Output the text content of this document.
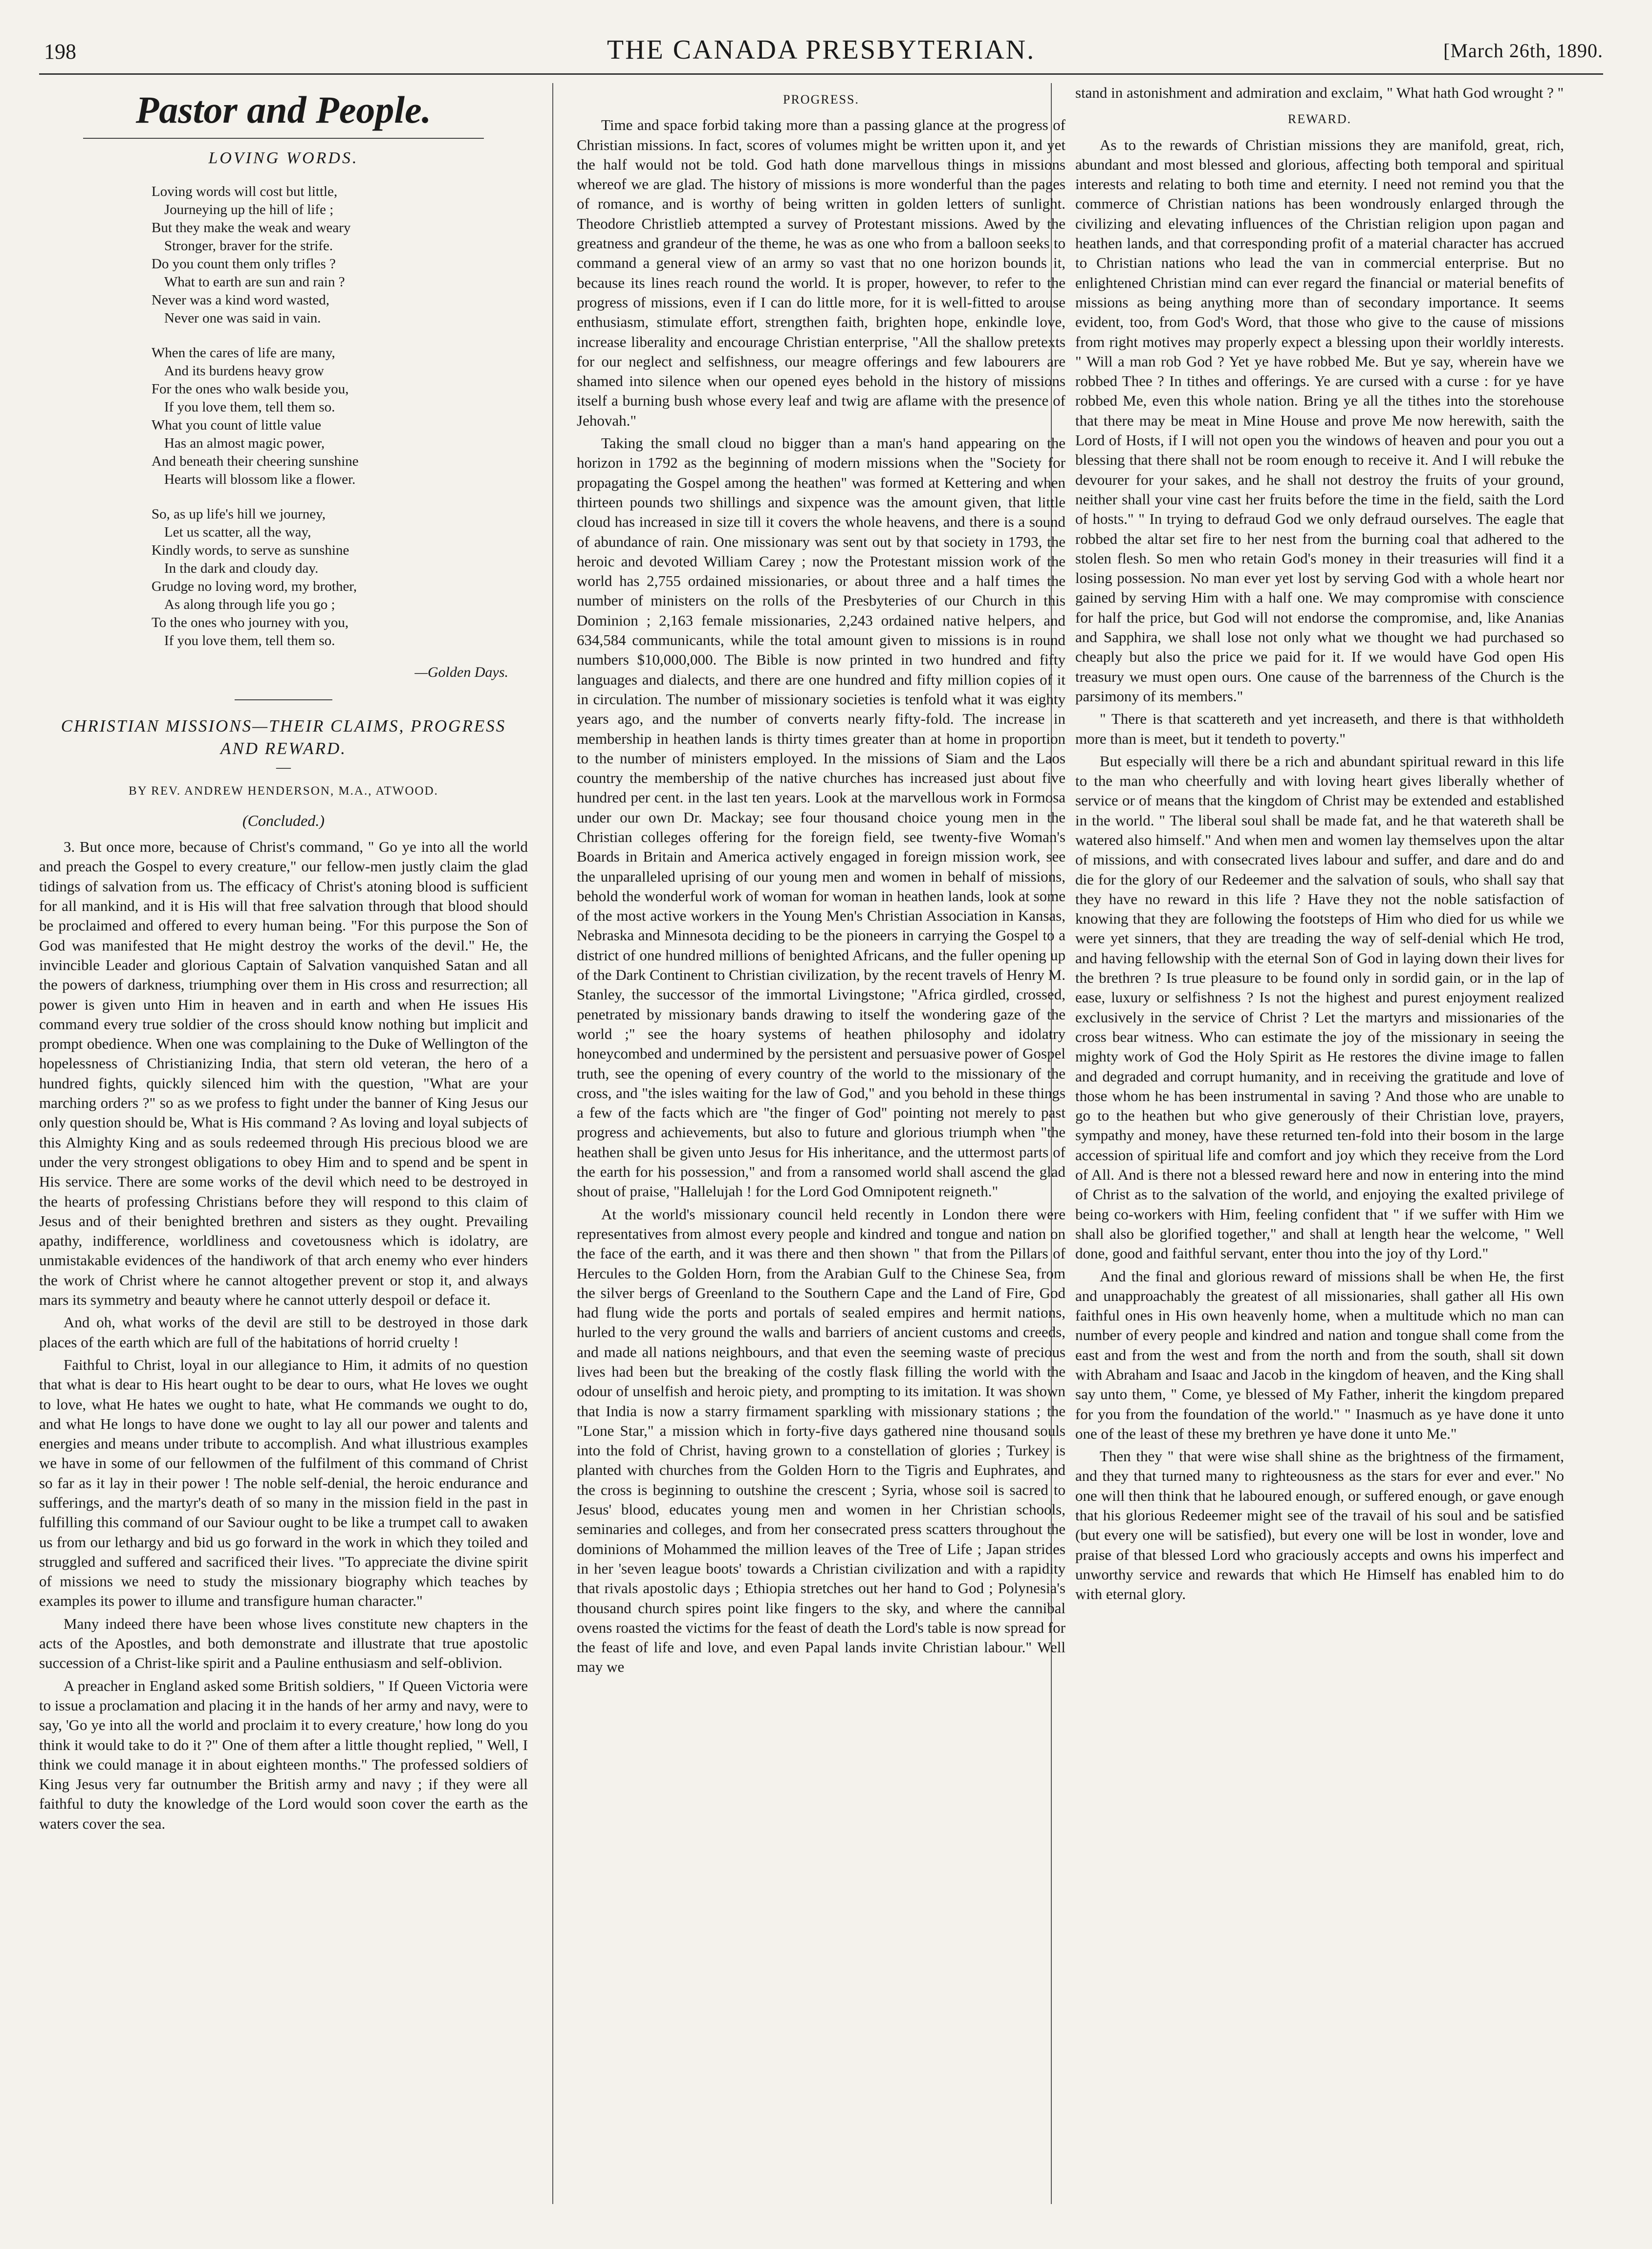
198	THE CANADA PRESBYTERIAN.	[March 26th, 1890.
Pastor and People.
LOVING WORDS.
Loving words will cost but little,
Journeying up the hill of life ;
But they make the weak and weary
Stronger, braver for the strife.
Do you count them only trifles ?
What to earth are sun and rain ?
Never was a kind word wasted,
Never one was said in vain.
When the cares of life are many,
And its burdens heavy grow
For the ones who walk beside you,
If you love them, tell them so.
What you count of little value
Has an almost magic power,
And beneath their cheering sunshine
Hearts will blossom like a flower.
So, as up life's hill we journey,
Let us scatter, all the way,
Kindly words, to serve as sunshine
In the dark and cloudy day.
Grudge no loving word, my brother,
As along through life you go ;
To the ones who journey with you,
If you love them, tell them so.
—Golden Days.
CHRISTIAN MISSIONS—THEIR CLAIMS, PROGRESS AND REWARD.
—
BY REV. ANDREW HENDERSON, M.A., ATWOOD.
(Concluded.)

3. But once more, because of Christ's command, " Go ye into all the world and preach the Gospel to every creature," our fellow-men justly claim the glad tidings of salvation from us. The efficacy of Christ's atoning blood is sufficient for all mankind, and it is His will that free salvation through that blood should be proclaimed and offered to every human being. "For this purpose the Son of God was manifested that He might destroy the works of the devil." He, the invincible Leader and glorious Captain of Salvation vanquished Satan and all the powers of darkness, triumphing over them in His cross and resurrection; all power is given unto Him in heaven and in earth and when He issues His command every true soldier of the cross should know nothing but implicit and prompt obedience. When one was complaining to the Duke of Wellington of the hopelessness of Christianizing India, that stern old veteran, the hero of a hundred fights, quickly silenced him with the question, "What are your marching orders ?" so as we profess to fight under the banner of King Jesus our only question should be, What is His command ? As loving and loyal subjects of this Almighty King and as souls redeemed through His precious blood we are under the very strongest obligations to obey Him and to spend and be spent in His service. There are some works of the devil which need to be destroyed in the hearts of professing Christians before they will respond to this claim of Jesus and of their benighted brethren and sisters as they ought. Prevailing apathy, indifference, worldliness and covetousness which is idolatry, are unmistakable evidences of the handiwork of that arch enemy who ever hinders the work of Christ where he cannot altogether prevent or stop it, and always mars its symmetry and beauty where he cannot utterly despoil or deface it.

And oh, what works of the devil are still to be destroyed in those dark places of the earth which are full of the habitations of horrid cruelty !

Faithful to Christ, loyal in our allegiance to Him, it admits of no question that what is dear to His heart ought to be dear to ours, what He loves we ought to love, what He hates we ought to hate, what He commands we ought to do, and what He longs to have done we ought to lay all our power and talents and energies and means under tribute to accomplish. And what illustrious examples we have in some of our fellowmen of the fulfilment of this command of Christ so far as it lay in their power ! The noble self-denial, the heroic endurance and sufferings, and the martyr's death of so many in the mission field in the past in fulfilling this command of our Saviour ought to be like a trumpet call to awaken us from our lethargy and bid us go forward in the work in which they toiled and struggled and suffered and sacrificed their lives. "To appreciate the divine spirit of missions we need to study the missionary biography which teaches by examples its power to illume and transfigure human character."

Many indeed there have been whose lives constitute new chapters in the acts of the Apostles, and both demonstrate and illustrate that true apostolic succession of a Christ-like spirit and a Pauline enthusiasm and self-oblivion.

A preacher in England asked some British soldiers, " If Queen Victoria were to issue a proclamation and placing it in the hands of her army and navy, were to say, 'Go ye into all the world and proclaim it to every creature,' how long do you think it would take to do it ?" One of them after a little thought replied, " Well, I think we could manage it in about eighteen months." The professed soldiers of King Jesus very far outnumber the British army and navy ; if they were all faithful to duty the knowledge of the Lord would soon cover the earth as the waters cover the sea.

PROGRESS.

Time and space forbid taking more than a passing glance at the progress of Christian missions. In fact, scores of volumes might be written upon it, and yet the half would not be told. God hath done marvellous things in missions whereof we are glad. The history of missions is more wonderful than the pages of romance, and is worthy of being written in golden letters of sunlight. Theodore Christlieb attempted a survey of Protestant missions. Awed by the greatness and grandeur of the theme, he was as one who from a balloon seeks to command a general view of an army so vast that no one horizon bounds it, because its lines reach round the world. It is proper, however, to refer to the progress of missions, even if I can do little more, for it is well-fitted to arouse enthusiasm, stimulate effort, strengthen faith, brighten hope, enkindle love, increase liberality and encourage Christian enterprise, "All the shallow pretexts for our neglect and selfishness, our meagre offerings and few labourers are shamed into silence when our opened eyes behold in the history of missions itself a burning bush whose every leaf and twig are aflame with the presence of Jehovah."

Taking the small cloud no bigger than a man's hand appearing on the horizon in 1792 as the beginning of modern missions when the "Society for propagating the Gospel among the heathen" was formed at Kettering and when thirteen pounds two shillings and sixpence was the amount given, that little cloud has increased in size till it covers the whole heavens, and there is a sound of abundance of rain. One missionary was sent out by that society in 1793, the heroic and devoted William Carey ; now the Protestant mission work of the world has 2,755 ordained missionaries, or about three and a half times the number of ministers on the rolls of the Presbyteries of our Church in this Dominion ; 2,163 female missionaries, 2,243 ordained native helpers, and 634,584 communicants, while the total amount given to missions is in round numbers $10,000,000. The Bible is now printed in two hundred and fifty languages and dialects, and there are one hundred and fifty million copies of it in circulation. The number of missionary societies is tenfold what it was eighty years ago, and the number of converts nearly fifty-fold. The increase in membership in heathen lands is thirty times greater than at home in proportion to the number of ministers employed. In the missions of Siam and the Laos country the membership of the native churches has increased just about five hundred per cent. in the last ten years. Look at the marvellous work in Formosa under our own Dr. Mackay; see four thousand choice young men in the Christian colleges offering for the foreign field, see twenty-five Woman's Boards in Britain and America actively engaged in foreign mission work, see the unparalleled uprising of our young men and women in behalf of missions, behold the wonderful work of woman for woman in heathen lands, look at some of the most active workers in the Young Men's Christian Association in Kansas, Nebraska and Minnesota deciding to be the pioneers in carrying the Gospel to a district of one hundred millions of benighted Africans, and the fuller opening up of the Dark Continent to Christian civilization, by the recent travels of Henry M. Stanley, the successor of the immortal Livingstone; "Africa girdled, crossed, penetrated by missionary bands drawing to itself the wondering gaze of the world ;" see the hoary systems of heathen philosophy and idolatry honeycombed and undermined by the persistent and persuasive power of Gospel truth, see the opening of every country of the world to the missionary of the cross, and "the isles waiting for the law of God," and you behold in these things a few of the facts which are "the finger of God" pointing not merely to past progress and achievements, but also to future and glorious triumph when "the heathen shall be given unto Jesus for His inheritance, and the uttermost parts of the earth for his possession," and from a ransomed world shall ascend the glad shout of praise, "Hallelujah ! for the Lord God Omnipotent reigneth."

At the world's missionary council held recently in London there were representatives from almost every people and kindred and tongue and nation on the face of the earth, and it was there and then shown " that from the Pillars of Hercules to the Golden Horn, from the Arabian Gulf to the Chinese Sea, from the silver bergs of Greenland to the Southern Cape and the Land of Fire, God had flung wide the ports and portals of sealed empires and hermit nations, hurled to the very ground the walls and barriers of ancient customs and creeds, and made all nations neighbours, and that even the seeming waste of precious lives had been but the breaking of the costly flask filling the world with the odour of unselfish and heroic piety, and prompting to its imitation. It was shown that India is now a starry firmament sparkling with missionary stations ; the "Lone Star," a mission which in forty-five days gathered nine thousand souls into the fold of Christ, having grown to a constellation of glories ; Turkey is planted with churches from the Golden Horn to the Tigris and Euphrates, and the cross is beginning to outshine the crescent ; Syria, whose soil is sacred to Jesus' blood, educates young men and women in her Christian schools, seminaries and colleges, and from her consecrated press scatters throughout the dominions of Mohammed the million leaves of the Tree of Life ; Japan strides in her 'seven league boots' towards a Christian civilization and with a rapidity that rivals apostolic days ; Ethiopia stretches out her hand to God ; Polynesia's thousand church spires point like fingers to the sky, and where the cannibal ovens roasted the victims for the feast of death the Lord's table is now spread for the feast of life and love, and even Papal lands invite Christian labour." Well may we

stand in astonishment and admiration and exclaim, " What hath God wrought ? "

REWARD.

As to the rewards of Christian missions they are manifold, great, rich, abundant and most blessed and glorious, affecting both temporal and spiritual interests and relating to both time and eternity. I need not remind you that the commerce of Christian nations has been wondrously enlarged through the civilizing and elevating influences of the Christian religion upon pagan and heathen lands, and that corresponding profit of a material character has accrued to Christian nations who lead the van in commercial enterprise. But no enlightened Christian mind can ever regard the financial or material benefits of missions as being anything more than of secondary importance. It seems evident, too, from God's Word, that those who give to the cause of missions from right motives may properly expect a blessing upon their worldly interests. " Will a man rob God ? Yet ye have robbed Me. But ye say, wherein have we robbed Thee ? In tithes and offerings. Ye are cursed with a curse : for ye have robbed Me, even this whole nation. Bring ye all the tithes into the storehouse that there may be meat in Mine House and prove Me now herewith, saith the Lord of Hosts, if I will not open you the windows of heaven and pour you out a blessing that there shall not be room enough to receive it. And I will rebuke the devourer for your sakes, and he shall not destroy the fruits of your ground, neither shall your vine cast her fruits before the time in the field, saith the Lord of hosts." " In trying to defraud God we only defraud ourselves. The eagle that robbed the altar set fire to her nest from the burning coal that adhered to the stolen flesh. So men who retain God's money in their treasuries will find it a losing possession. No man ever yet lost by serving God with a whole heart nor gained by serving Him with a half one. We may compromise with conscience for half the price, but God will not endorse the compromise, and, like Ananias and Sapphira, we shall lose not only what we thought we had purchased so cheaply but also the price we paid for it. If we would have God open His treasury we must open ours. One cause of the barrenness of the Church is the parsimony of its members."

" There is that scattereth and yet increaseth, and there is that withholdeth more than is meet, but it tendeth to poverty."

But especially will there be a rich and abundant spiritual reward in this life to the man who cheerfully and with loving heart gives liberally whether of service or of means that the kingdom of Christ may be extended and established in the world. " The liberal soul shall be made fat, and he that watereth shall be watered also himself." And when men and women lay themselves upon the altar of missions, and with consecrated lives labour and suffer, and dare and do and die for the glory of our Redeemer and the salvation of souls, who shall say that they have no reward in this life ? Have they not the noble satisfaction of knowing that they are following the footsteps of Him who died for us while we were yet sinners, that they are treading the way of self-denial which He trod, and having fellowship with the eternal Son of God in laying down their lives for the brethren ? Is true pleasure to be found only in sordid gain, or in the lap of ease, luxury or selfishness ? Is not the highest and purest enjoyment realized exclusively in the service of Christ ? Let the martyrs and missionaries of the cross bear witness. Who can estimate the joy of the missionary in seeing the mighty work of God the Holy Spirit as He restores the divine image to fallen and degraded and corrupt humanity, and in receiving the gratitude and love of those whom he has been instrumental in saving ? And those who are unable to go to the heathen but who give generously of their Christian love, prayers, sympathy and money, have these returned ten-fold into their bosom in the large accession of spiritual life and comfort and joy which they receive from the Lord of All. And is there not a blessed reward here and now in entering into the mind of Christ as to the salvation of the world, and enjoying the exalted privilege of being co-workers with Him, feeling confident that " if we suffer with Him we shall also be glorified together," and shall at length hear the welcome, " Well done, good and faithful servant, enter thou into the joy of thy Lord."

And the final and glorious reward of missions shall be when He, the first and unapproachably the greatest of all missionaries, shall gather all His own faithful ones in His own heavenly home, when a multitude which no man can number of every people and kindred and nation and tongue shall come from the east and from the west and from the north and from the south, shall sit down with Abraham and Isaac and Jacob in the kingdom of heaven, and the King shall say unto them, " Come, ye blessed of My Father, inherit the kingdom prepared for you from the foundation of the world." " Inasmuch as ye have done it unto one of the least of these my brethren ye have done it unto Me."

Then they " that were wise shall shine as the brightness of the firmament, and they that turned many to righteousness as the stars for ever and ever." No one will then think that he laboured enough, or suffered enough, or gave enough that his glorious Redeemer might see of the travail of his soul and be satisfied (but every one will be satisfied), but every one will be lost in wonder, love and praise of that blessed Lord who graciously accepts and owns his imperfect and unworthy service and rewards that which He Himself has enabled him to do with eternal glory.
